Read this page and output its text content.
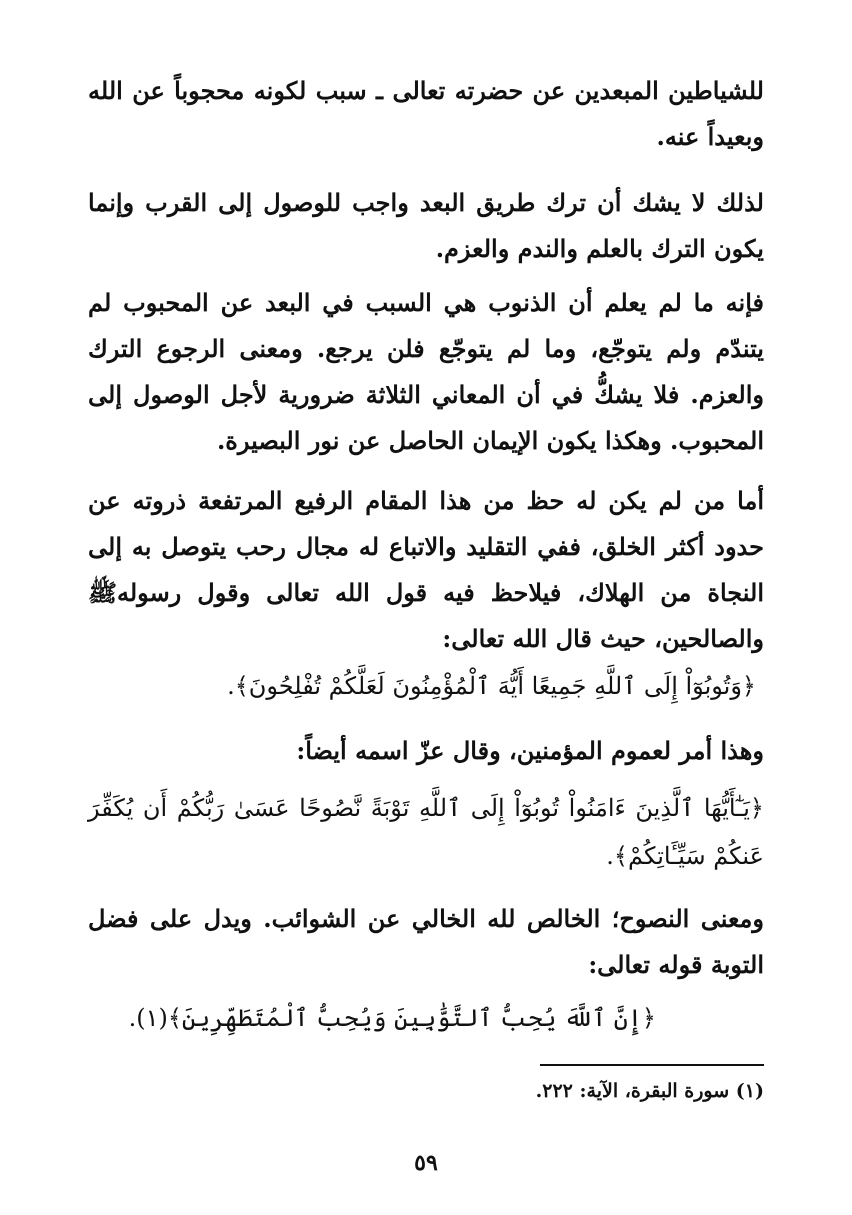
للشياطين المبعدين عن حضرته تعالى ـ سبب لكونه محجوباً عن الله وبعيداً عنه.

لذلك لا يشك أن ترك طريق البعد واجب للوصول إلى القرب وإنما يكون الترك بالعلم والندم والعزم.

فإنه ما لم يعلم أن الذنوب هي السبب في البعد عن المحبوب لم يتندّم ولم يتوجّع، وما لم يتوجّع فلن يرجع. ومعنى الرجوع الترك والعزم. فلا يشكُّ في أن المعاني الثلاثة ضرورية لأجل الوصول إلى المحبوب. وهكذا يكون الإيمان الحاصل عن نور البصيرة.

أما من لم يكن له حظ من هذا المقام الرفيع المرتفعة ذروته عن حدود أكثر الخلق، ففي التقليد والاتباع له مجال رحب يتوصل به إلى النجاة من الهلاك، فيلاحظ فيه قول الله تعالى وقول رسولهﷺ والصالحين، حيث قال الله تعالى:

﴿وَتُوبُوٓاْ إِلَى ٱللَّهِ جَمِيعًا أَيُّهَ ٱلْمُؤْمِنُونَ لَعَلَّكُمْ تُفْلِحُونَ﴾.

وهذا أمر لعموم المؤمنين، وقال عزّ اسمه أيضاً:

﴿يَـٰٓأَيُّهَا ٱلَّذِينَ ءَامَنُواْ تُوبُوٓاْ إِلَى ٱللَّهِ تَوْبَةً نَّصُوحًا عَسَىٰ رَبُّكُمْ أَن يُكَفِّرَ عَنكُمْ سَيِّـَٔاتِكُمْ﴾.

ومعنى النصوح؛ الخالص لله الخالي عن الشوائب. ويدل على فضل التوبة قوله تعالى:

﴿إِنَّ ٱللَّهَ يُحِبُّ ٱلتَّوَّٰبِينَ وَيُحِبُّ ٱلْمُتَطَهِّرِينَ﴾(١).
(١) سورة البقرة، الآية: ٢٢٢.
٥٩
